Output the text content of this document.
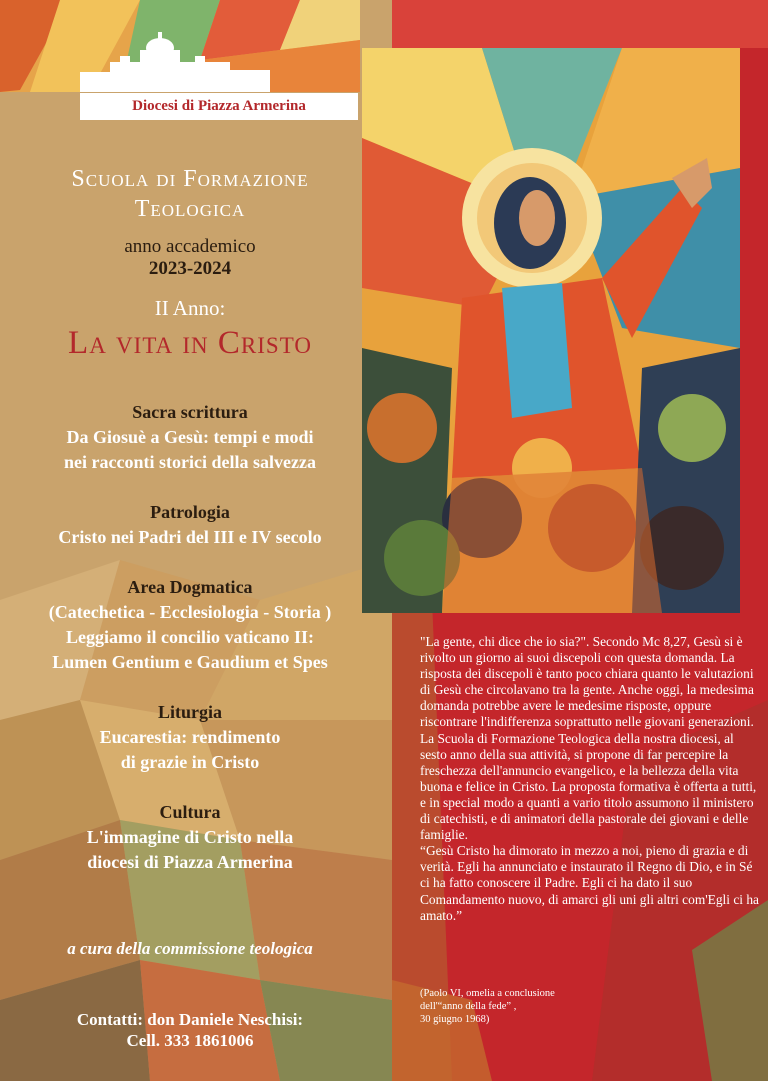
Diocesi di Piazza Armerina
Scuola di Formazione
Teologica
anno accademico
2023-2024
II Anno:
La vita in Cristo
Sacra scrittura
Da Giosuè a Gesù: tempi e modi
nei racconti storici della salvezza
Patrologia
Cristo nei Padri del III e IV secolo
Area Dogmatica
(Catechetica - Ecclesiologia - Storia )
Leggiamo il concilio vaticano II:
Lumen Gentium e Gaudium et Spes
Liturgia
Eucarestia: rendimento
di grazie in Cristo
Cultura
L'immagine di Cristo nella
diocesi di Piazza Armerina
a cura della commissione teologica
Contatti: don Daniele Neschisi:
Cell. 333 1861006

"La gente, chi dice che io sia?". Secondo Mc 8,27, Gesù si è rivolto un giorno ai suoi discepoli con questa domanda. La risposta dei discepoli è tanto poco chiara quanto le valutazioni di Gesù che circolavano tra la gente. Anche oggi, la medesima domanda potrebbe avere le medesime risposte, oppure riscontrare l'indifferenza soprattutto nelle giovani generazioni.

La Scuola di Formazione Teologica della nostra diocesi, al sesto anno della sua attività, si propone di far percepire la freschezza dell'annuncio evangelico, e la bellezza della vita buona e felice in Cristo. La proposta formativa è offerta a tutti, e in special modo a quanti a vario titolo assumono il ministero di catechisti, e di animatori della pastorale dei giovani e delle famiglie.

“Gesù Cristo ha dimorato in mezzo a noi, pieno di grazia e di verità. Egli ha annunciato e instaurato il Regno di Dio, e in Sé ci ha fatto conoscere il Padre. Egli ci ha dato il suo Comandamento nuovo, di amarci gli uni gli altri com'Egli ci ha amato.”

(Paolo VI, omelia a conclusione
dell'“anno della fede” ,
30 giugno 1968)
